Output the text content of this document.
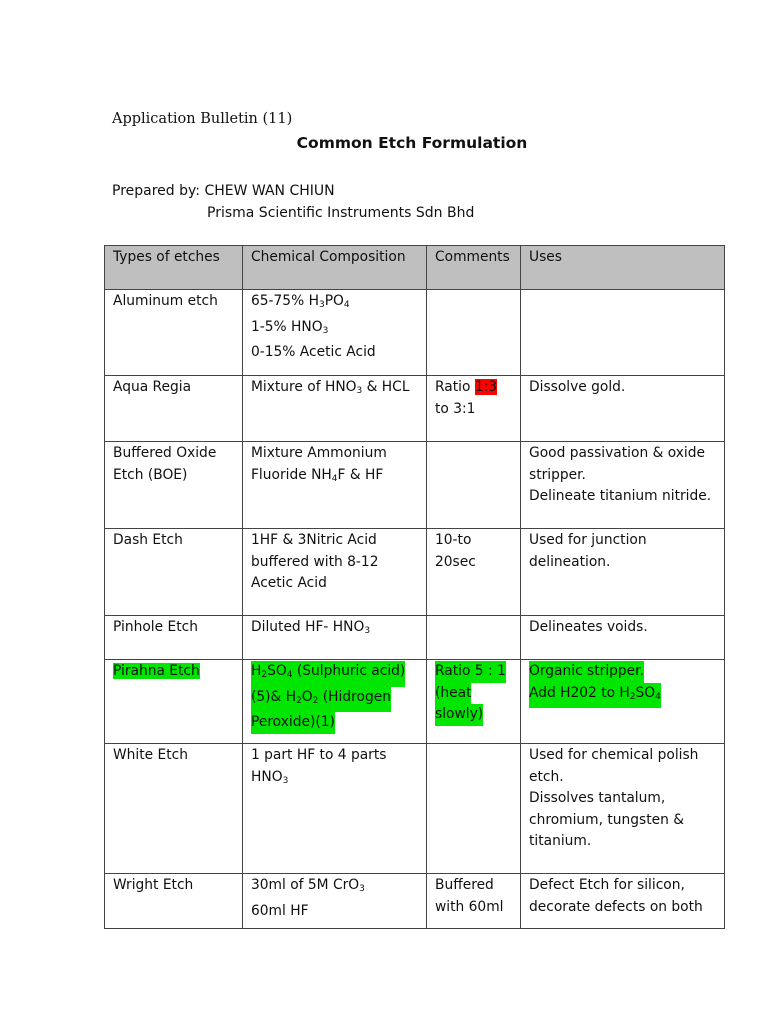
Application Bulletin (11)
Common Etch Formulation
Prepared by: CHEW WAN CHIUN
Prisma Scientific Instruments Sdn Bhd
Types of etches	Chemical Composition	Comments	Uses
Aluminum etch	65-75% $H_3PO_4$
1-5% $HNO_3$
0-15% Acetic Acid		

Aqua Regia	Mixture of $HNO_3$ & HCL	Ratio 1:3
to 3:1	Dissolve gold.

Buffered Oxide Etch (BOE)	Mixture Ammonium
Fluoride $NH_4F$ & HF		Good passivation & oxide stripper.
Delineate titanium nitride.

Dash Etch	1HF & 3Nitric Acid
buffered with 8-12
Acetic Acid	10-to
20sec	Used for junction
delineation.

Pinhole Etch	Diluted HF- $HNO_3$		Delineates voids.

Pirahna Etch	$H_2SO_4$ (Sulphuric acid)
(5)& $H_2O_2$ (Hidrogen
Peroxide)(1)	Ratio 5 : 1
(heat
slowly)	Organic stripper.
Add H202 to $H_2SO_4$

White Etch	1 part HF to 4 parts
$HNO_3$		Used for chemical polish
etch.
Dissolves tantalum,
chromium, tungsten &
titanium.

Wright Etch	30ml of 5M CrO$_3$
60ml HF	Buffered
with 60ml	Defect Etch for silicon,
decorate defects on both
